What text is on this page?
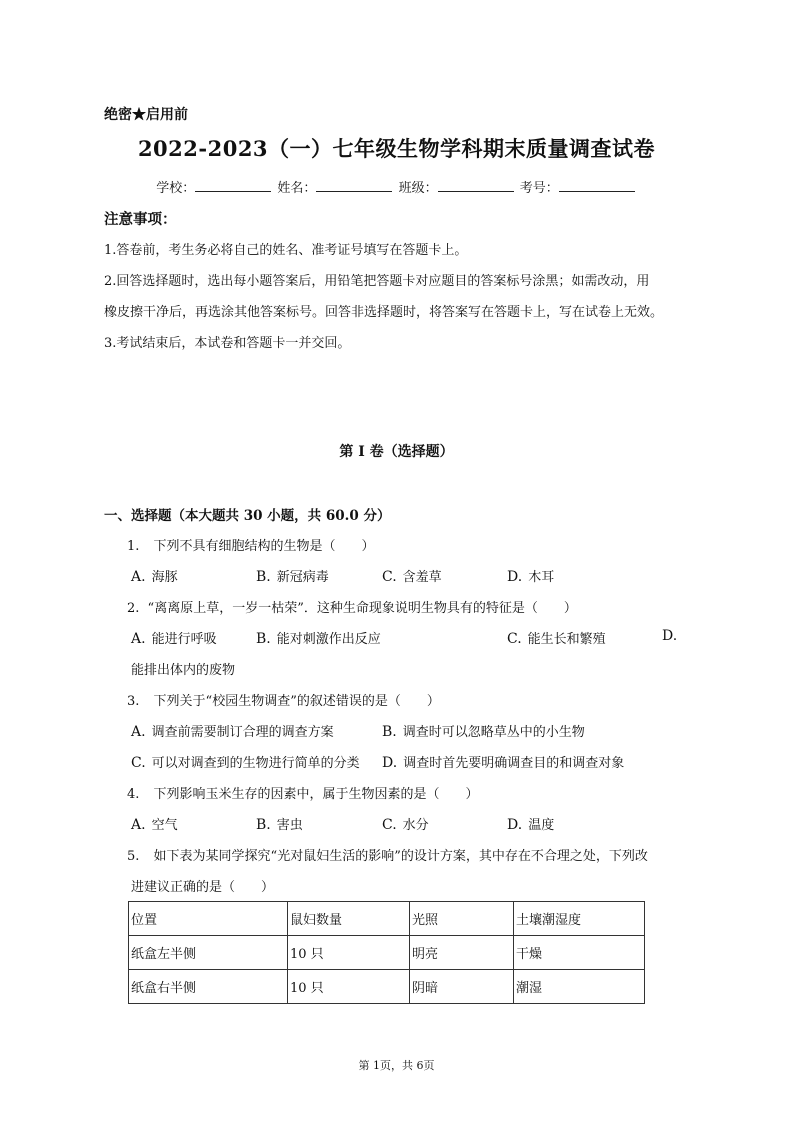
绝密★启用前
2022-2023（一）七年级生物学科期末质量调查试卷
学校：	姓名：	班级：	考号：
注意事项：
1.答卷前，考生务必将自己的姓名、准考证号填写在答题卡上。
2.回答选择题时，选出每小题答案后，用铅笔把答题卡对应题目的答案标号涂黑；如需改动，用
橡皮擦干净后，再选涂其他答案标号。回答非选择题时，将答案写在答题卡上，写在试卷上无效。
3.考试结束后，本试卷和答题卡一并交回。
第 I 卷（选择题）
一、选择题（本大题共 30 小题，共 60.0 分）
1. 下列不具有细胞结构的生物是（　　）
A. 海豚	B. 新冠病毒	C. 含羞草	D. 木耳
2. “离离原上草，一岁一枯荣”．这种生命现象说明生物具有的特征是（　　）
A. 能进行呼吸	B. 能对刺激作出反应	C. 能生长和繁殖	D.
能排出体内的废物
3. 下列关于“校园生物调查”的叙述错误的是（　　）
A. 调查前需要制订合理的调查方案	B. 调查时可以忽略草丛中的小生物
C. 可以对调查到的生物进行简单的分类 D. 调查时首先要明确调查目的和调查对象
4. 下列影响玉米生存的因素中，属于生物因素的是（　　）
A. 空气	B. 害虫	C. 水分	D. 温度
5. 如下表为某同学探究“光对鼠妇生活的影响”的设计方案，其中存在不合理之处，下列改
进建议正确的是（　　）
位置	鼠妇数量	光照	土壤潮湿度
纸盒左半侧	10 只	明亮	干燥
纸盒右半侧	10 只	阴暗	潮湿
第 1页，共 6页
